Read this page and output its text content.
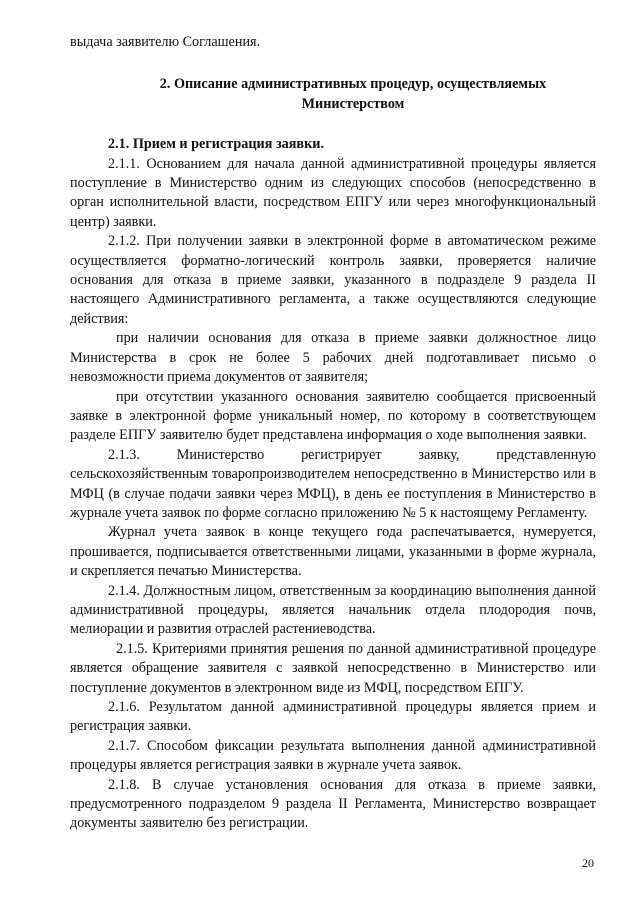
выдача заявителю Соглашения.

2. Описание административных процедур, осуществляемых
Министерством

2.1. Прием и регистрация заявки.

2.1.1. Основанием для начала данной административной процедуры является поступление в Министерство одним из следующих способов (непосредственно в орган исполнительной власти, посредством ЕПГУ или через многофункциональный центр) заявки.

2.1.2. При получении заявки в электронной форме в автоматическом режиме осуществляется форматно-логический контроль заявки, проверяется наличие основания для отказа в приеме заявки, указанного в подразделе 9 раздела II настоящего Административного регламента, а также осуществляются следующие действия:

при наличии основания для отказа в приеме заявки должностное лицо Министерства в срок не более 5 рабочих дней подготавливает письмо о невозможности приема документов от заявителя;

при отсутствии указанного основания заявителю сообщается присвоенный заявке в электронной форме уникальный номер, по которому в соответствующем разделе ЕПГУ заявителю будет представлена информация о ходе выполнения заявки.

2.1.3. Министерство регистрирует заявку, представленную сельскохозяйственным товаропроизводителем непосредственно в Министерство или в МФЦ (в случае подачи заявки через МФЦ), в день ее поступления в Министерство в журнале учета заявок по форме согласно приложению № 5 к настоящему Регламенту.

Журнал учета заявок в конце текущего года распечатывается, нумеруется, прошивается, подписывается ответственными лицами, указанными в форме журнала, и скрепляется печатью Министерства.

2.1.4. Должностным лицом, ответственным за координацию выполнения данной административной процедуры, является начальник отдела плодородия почв, мелиорации и развития отраслей растениеводства.

2.1.5. Критериями принятия решения по данной административной процедуре является обращение заявителя с заявкой непосредственно в Министерство или поступление документов в электронном виде из МФЦ, посредством ЕПГУ.

2.1.6. Результатом данной административной процедуры является прием и регистрация заявки.

2.1.7. Способом фиксации результата выполнения данной административной процедуры является регистрация заявки в журнале учета заявок.

2.1.8. В случае установления основания для отказа в приеме заявки, предусмотренного подразделом 9 раздела II Регламента, Министерство возвращает документы заявителю без регистрации.

20
